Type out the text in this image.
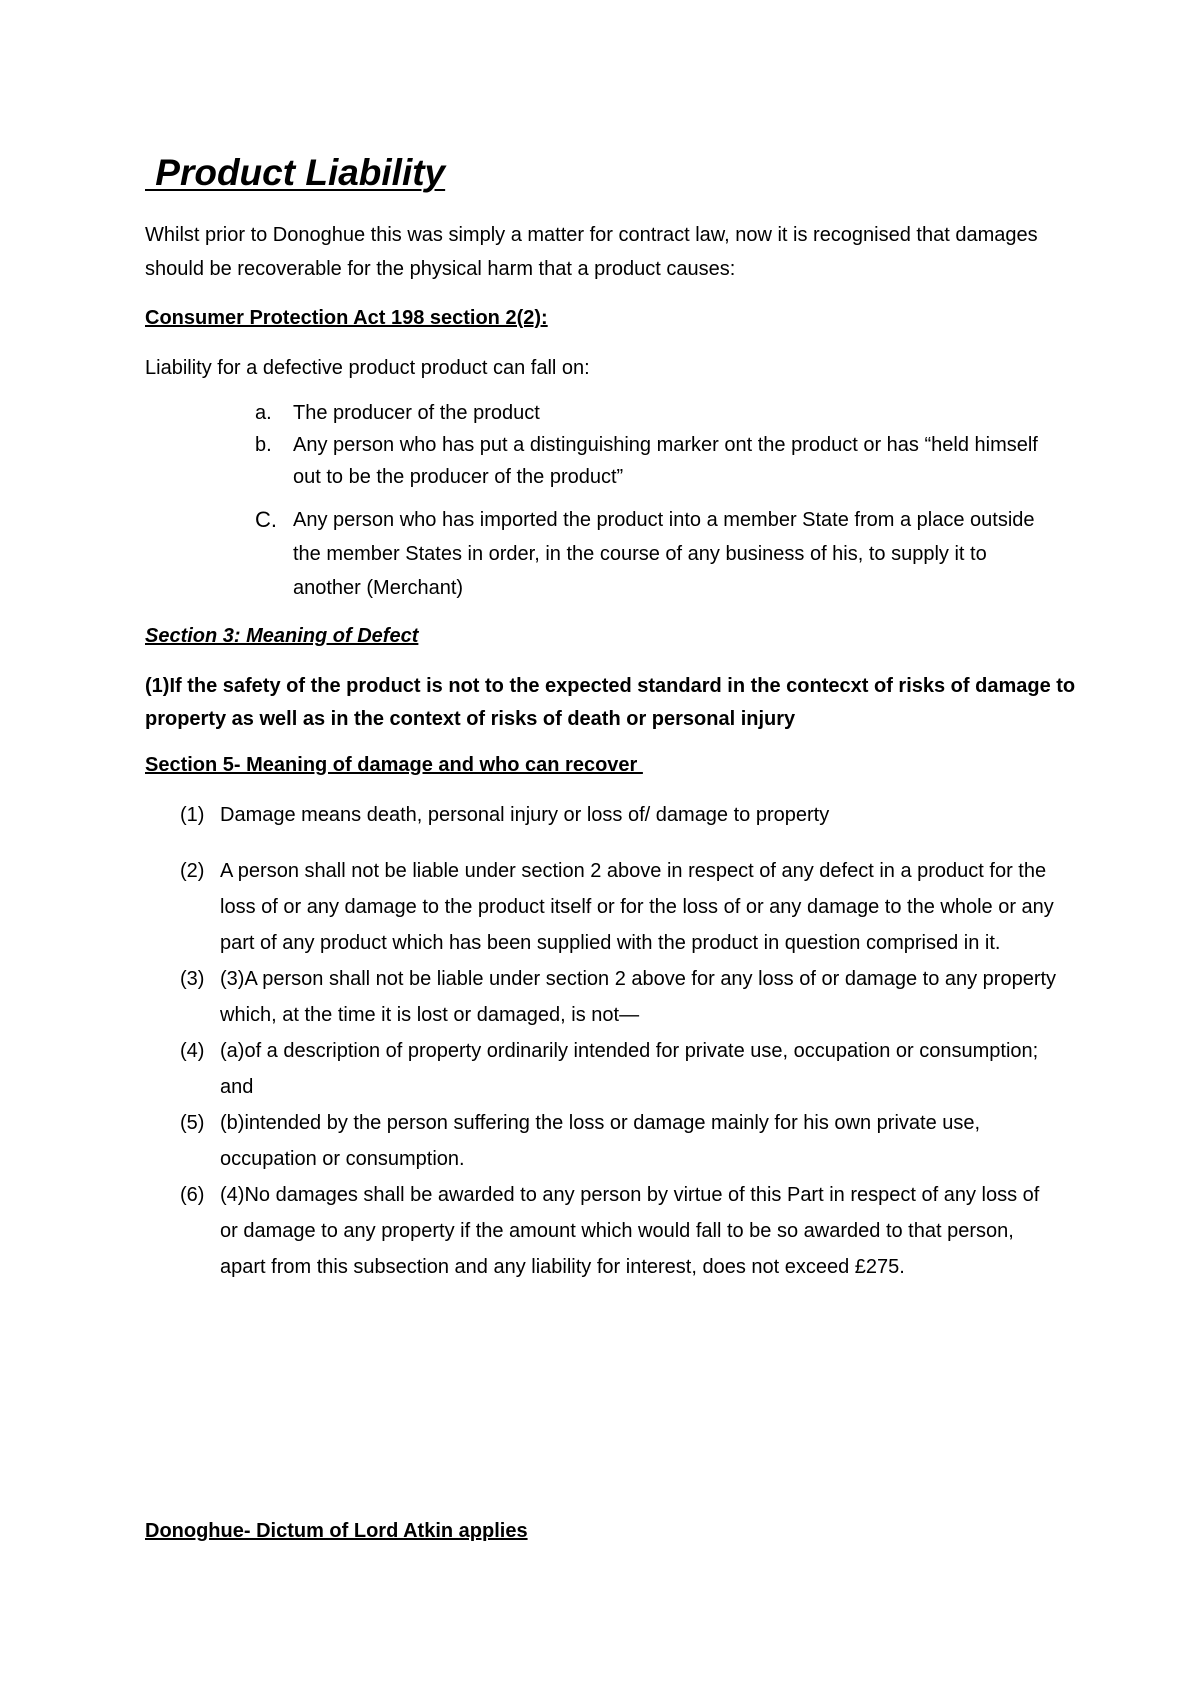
Product Liability

Whilst prior to Donoghue this was simply a matter for contract law, now it is recognised that damages should be recoverable for the physical harm that a product causes:

Consumer Protection Act 198 section 2(2):

Liability for a defective product product can fall on:

a. The producer of the product
b. Any person who has put a distinguishing marker ont the product or has “held himself out to be the producer of the product”
C. Any person who has imported the product into a member State from a place outside the member States in order, in the course of any business of his, to supply it to another (Merchant)

Section 3: Meaning of Defect

(1)If the safety of the product is not to the expected standard in the contecxt of risks of damage to property as well as in the context of risks of death or personal injury

Section 5- Meaning of damage and who can recover

(1) Damage means death, personal injury or loss of/ damage to property
(2) A person shall not be liable under section 2 above in respect of any defect in a product for the loss of or any damage to the product itself or for the loss of or any damage to the whole or any part of any product which has been supplied with the product in question comprised in it.
(3) (3)A person shall not be liable under section 2 above for any loss of or damage to any property which, at the time it is lost or damaged, is not—
(4) (a)of a description of property ordinarily intended for private use, occupation or consumption; and
(5) (b)intended by the person suffering the loss or damage mainly for his own private use, occupation or consumption.
(6) (4)No damages shall be awarded to any person by virtue of this Part in respect of any loss of or damage to any property if the amount which would fall to be so awarded to that person, apart from this subsection and any liability for interest, does not exceed £275.

Donoghue- Dictum of Lord Atkin applies
